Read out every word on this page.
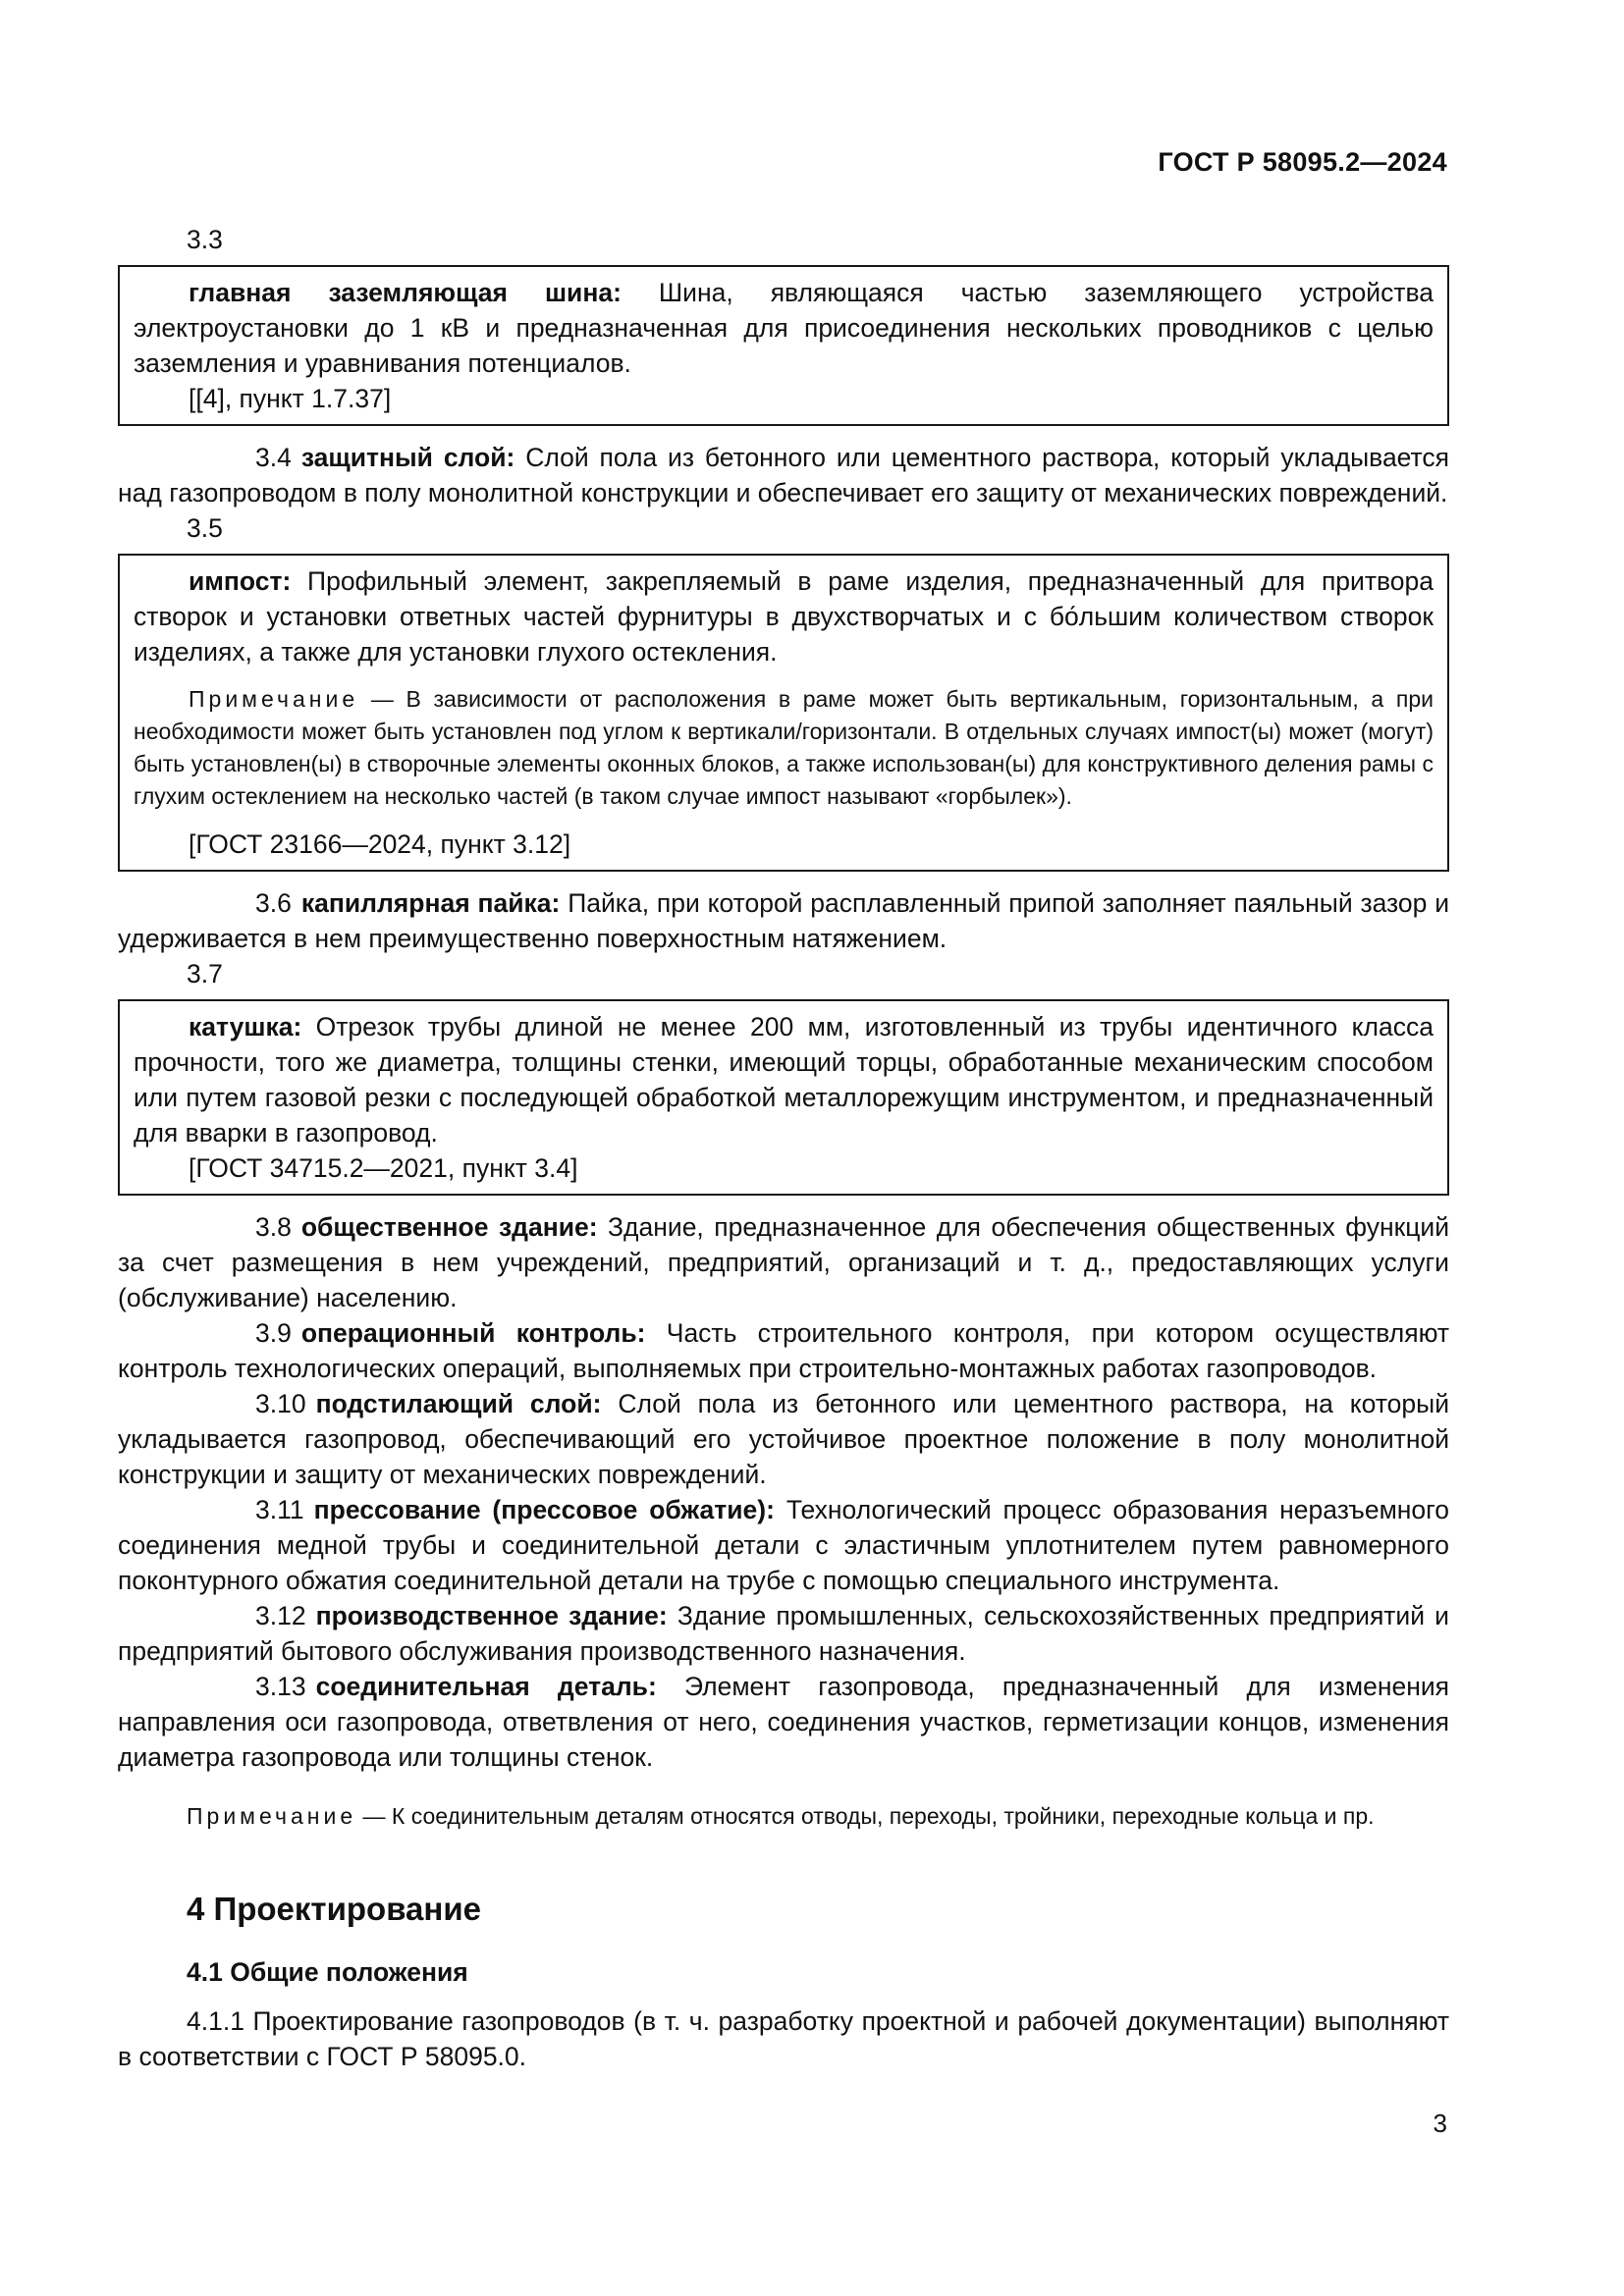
ГОСТ Р 58095.2—2024

3.3

главная заземляющая шина: Шина, являющаяся частью заземляющего устройства электроустановки до 1 кВ и предназначенная для присоединения нескольких проводников с целью заземления и уравнивания потенциалов.

[[4], пункт 1.7.37]

3.4 защитный слой: Слой пола из бетонного или цементного раствора, который укладывается над газопроводом в полу монолитной конструкции и обеспечивает его защиту от механических повреждений.

3.5

импост: Профильный элемент, закрепляемый в раме изделия, предназначенный для притвора створок и установки ответных частей фурнитуры в двухстворчатых и с бо́льшим количеством створок изделиях, а также для установки глухого остекления.

Примечание — В зависимости от расположения в раме может быть вертикальным, горизонтальным, а при необходимости может быть установлен под углом к вертикали/горизонтали. В отдельных случаях импост(ы) может (могут) быть установлен(ы) в створочные элементы оконных блоков, а также использован(ы) для конструктивного деления рамы с глухим остеклением на несколько частей (в таком случае импост называют «горбылек»).

[ГОСТ 23166—2024, пункт 3.12]

3.6 капиллярная пайка: Пайка, при которой расплавленный припой заполняет паяльный зазор и удерживается в нем преимущественно поверхностным натяжением.

3.7

катушка: Отрезок трубы длиной не менее 200 мм, изготовленный из трубы идентичного класса прочности, того же диаметра, толщины стенки, имеющий торцы, обработанные механическим способом или путем газовой резки с последующей обработкой металлорежущим инструментом, и предназначенный для вварки в газопровод.

[ГОСТ 34715.2—2021, пункт 3.4]

3.8 общественное здание: Здание, предназначенное для обеспечения общественных функций за счет размещения в нем учреждений, предприятий, организаций и т. д., предоставляющих услуги (обслуживание) населению.

3.9 операционный контроль: Часть строительного контроля, при котором осуществляют контроль технологических операций, выполняемых при строительно-монтажных работах газопроводов.

3.10 подстилающий слой: Слой пола из бетонного или цементного раствора, на который укладывается газопровод, обеспечивающий его устойчивое проектное положение в полу монолитной конструкции и защиту от механических повреждений.

3.11 прессование (прессовое обжатие): Технологический процесс образования неразъемного соединения медной трубы и соединительной детали с эластичным уплотнителем путем равномерного поконтурного обжатия соединительной детали на трубе с помощью специального инструмента.

3.12 производственное здание: Здание промышленных, сельскохозяйственных предприятий и предприятий бытового обслуживания производственного назначения.

3.13 соединительная деталь: Элемент газопровода, предназначенный для изменения направления оси газопровода, ответвления от него, соединения участков, герметизации концов, изменения диаметра газопровода или толщины стенок.

Примечание — К соединительным деталям относятся отводы, переходы, тройники, переходные кольца и пр.

4 Проектирование
4.1 Общие положения

4.1.1 Проектирование газопроводов (в т. ч. разработку проектной и рабочей документации) выполняют в соответствии с ГОСТ Р 58095.0.

3
